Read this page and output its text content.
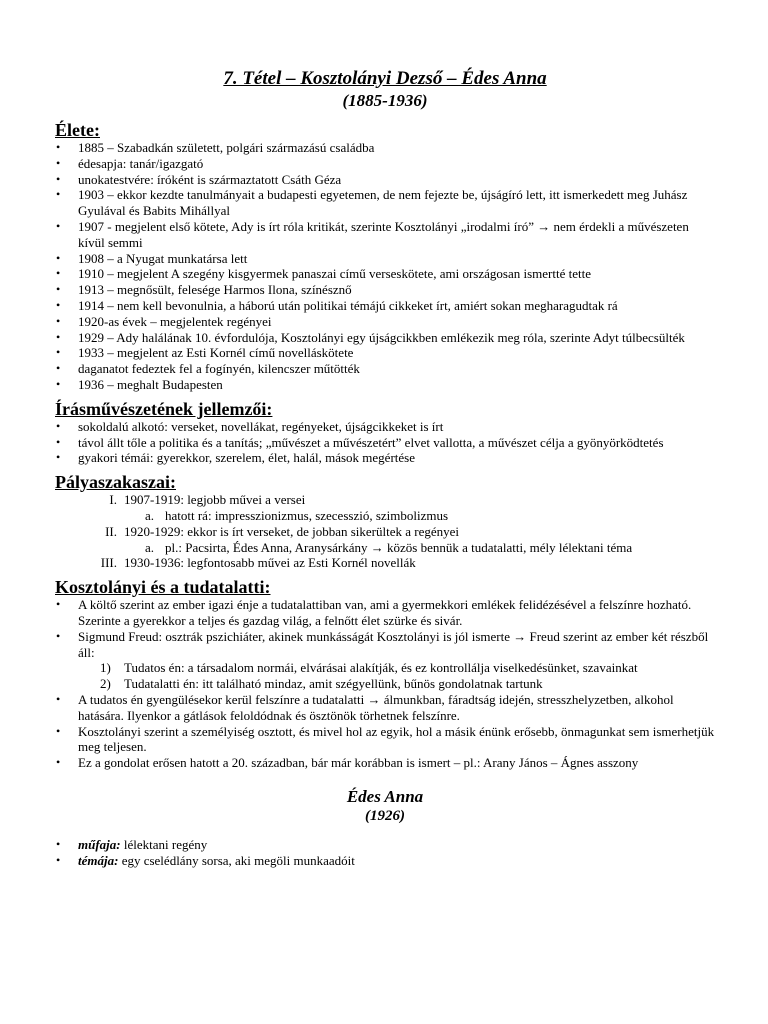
7. Tétel – Kosztolányi Dezső – Édes Anna

(1885-1936)

Élete:
• 1885 – Szabadkán született, polgári származású családba
• édesapja: tanár/igazgató
• unokatestvére: íróként is származtatott Csáth Géza
• 1903 – ekkor kezdte tanulmányait a budapesti egyetemen, de nem fejezte be, újságíró lett, itt ismerkedett meg Juhász Gyulával és Babits Mihállyal
• 1907 - megjelent első kötete, Ady is írt róla kritikát, szerinte Kosztolányi „irodalmi író” → nem érdekli a művészeten kívül semmi
• 1908 – a Nyugat munkatársa lett
• 1910 – megjelent A szegény kisgyermek panaszai című verseskötete, ami országosan ismertté tette
• 1913 – megnősült, felesége Harmos Ilona, színésznő
• 1914 – nem kell bevonulnia, a háború után politikai témájú cikkeket írt, amiért sokan megharagudtak rá
• 1920-as évek – megjelentek regényei
• 1929 – Ady halálának 10. évfordulója, Kosztolányi egy újságcikkben emlékezik meg róla, szerinte Adyt túlbecsülték
• 1933 – megjelent az Esti Kornél című novelláskötete
• daganatot fedeztek fel a fogínyén, kilencszer műtötték
• 1936 – meghalt Budapesten
Írásművészetének jellemzői:
• sokoldalú alkotó: verseket, novellákat, regényeket, újságcikkeket is írt
• távol állt tőle a politika és a tanítás; „művészet a művészetért” elvet vallotta, a művészet célja a gyönyörködtetés
• gyakori témái: gyerekkor, szerelem, élet, halál, mások megértése
Pályaszakaszai:
I. 1907-1919: legjobb művei a versei
a. hatott rá: impresszionizmus, szecesszió, szimbolizmus
II. 1920-1929: ekkor is írt verseket, de jobban sikerültek a regényei
a. pl.: Pacsirta, Édes Anna, Aranysárkány → közös bennük a tudatalatti, mély lélektani téma
III. 1930-1936: legfontosabb művei az Esti Kornél novellák
Kosztolányi és a tudatalatti:
• A költő szerint az ember igazi énje a tudatalattiban van, ami a gyermekkori emlékek felidézésével a felszínre hozható. Szerinte a gyerekkor a teljes és gazdag világ, a felnőtt élet szürke és sivár.
• Sigmund Freud: osztrák pszichiáter, akinek munkásságát Kosztolányi is jól ismerte → Freud szerint az ember két részből áll:
1) Tudatos én: a társadalom normái, elvárásai alakítják, és ez kontrollálja viselkedésünket, szavainkat
2) Tudatalatti én: itt található mindaz, amit szégyellünk, bűnös gondolatnak tartunk
• A tudatos én gyengülésekor kerül felszínre a tudatalatti → álmunkban, fáradtság idején, stresszhelyzetben, alkohol hatására. Ilyenkor a gátlások feloldódnak és ösztönök törhetnek felszínre.
• Kosztolányi szerint a személyiség osztott, és mivel hol az egyik, hol a másik énünk erősebb, önmagunkat sem ismerhetjük meg teljesen.
• Ez a gondolat erősen hatott a 20. században, bár már korábban is ismert – pl.: Arany János – Ágnes asszony
Édes Anna
(1926)
• műfaja: lélektani regény
• témája: egy cselédlány sorsa, aki megöli munkaadóit
